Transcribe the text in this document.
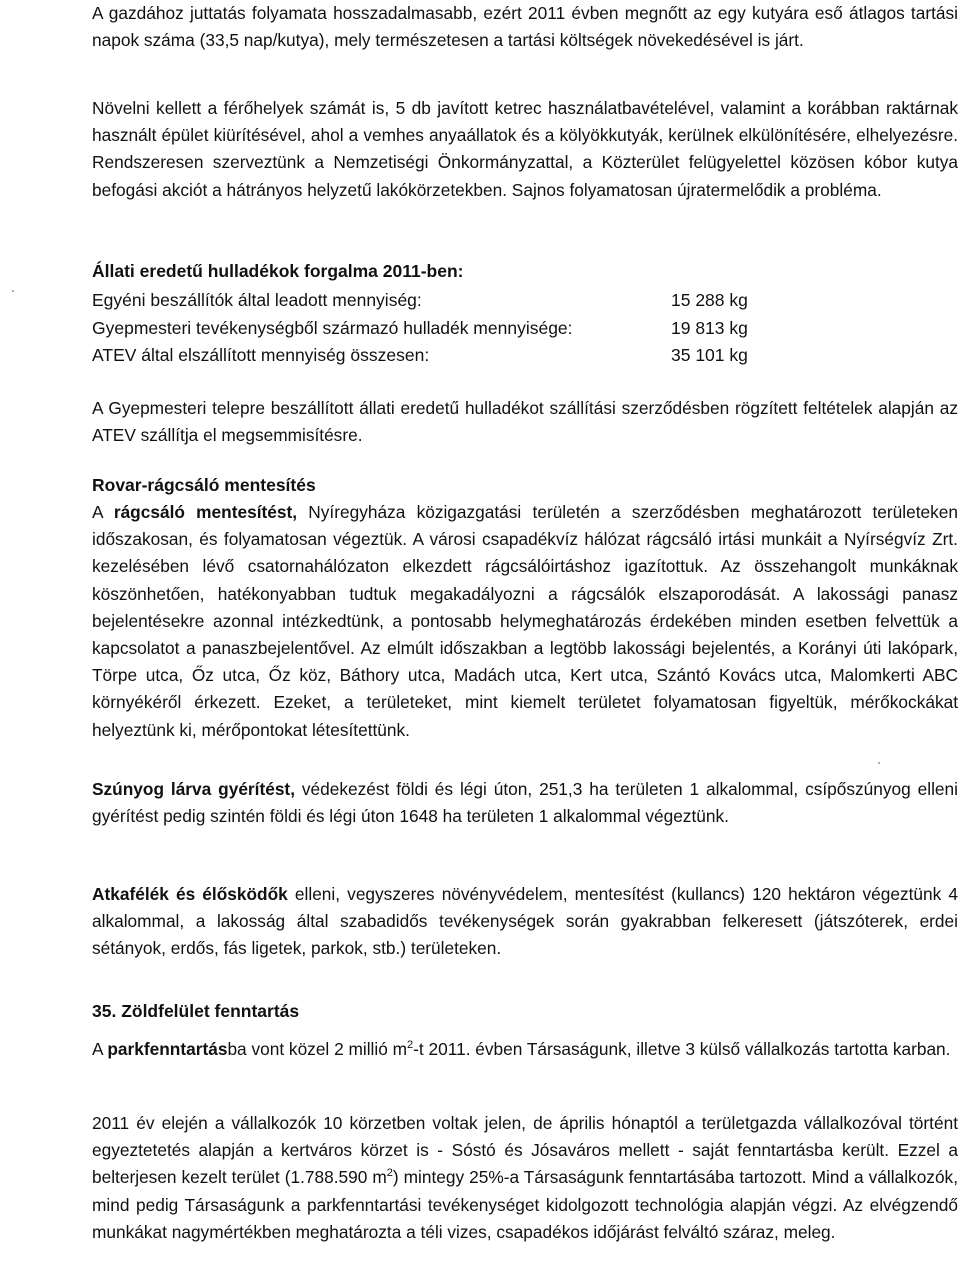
A gazdához juttatás folyamata hosszadalmasabb, ezért 2011 évben megnőtt az egy kutyára eső átlagos tartási napok száma (33,5 nap/kutya), mely természetesen a tartási költségek növekedésével is járt.

Növelni kellett a férőhelyek számát is, 5 db javított ketrec használatbavételével, valamint a korábban raktárnak használt épület kiürítésével, ahol a vemhes anyaállatok és a kölyökkutyák, kerülnek elkülönítésére, elhelyezésre. Rendszeresen szerveztünk a Nemzetiségi Önkormányzattal, a Közterület felügyelettel közösen kóbor kutya befogási akciót a hátrányos helyzetű lakókörzetekben. Sajnos folyamatosan újratermelődik a probléma.

Állati eredetű hulladékok forgalma 2011-ben:

Egyéni beszállítók által leadott mennyiség:	15 288 kg
Gyepmesteri tevékenységből származó hulladék mennyisége:	19 813 kg
ATEV által elszállított mennyiség összesen:	35 101 kg

A Gyepmesteri telepre beszállított állati eredetű hulladékot szállítási szerződésben rögzített feltételek alapján az ATEV szállítja el megsemmisítésre.

Rovar-rágcsáló mentesítés

A rágcsáló mentesítést, Nyíregyháza közigazgatási területén a szerződésben meghatározott területeken időszakosan, és folyamatosan végeztük. A városi csapadékvíz hálózat rágcsáló irtási munkáit a Nyírségvíz Zrt. kezelésében lévő csatornahálózaton elkezdett rágcsálóirtáshoz igazítottuk. Az összehangolt munkáknak köszönhetően, hatékonyabban tudtuk megakadályozni a rágcsálók elszaporodását. A lakossági panasz bejelentésekre azonnal intézkedtünk, a pontosabb helymeghatározás érdekében minden esetben felvettük a kapcsolatot a panaszbejelentővel. Az elmúlt időszakban a legtöbb lakossági bejelentés, a Korányi úti lakópark, Törpe utca, Őz utca, Őz köz, Báthory utca, Madách utca, Kert utca, Szántó Kovács utca, Malomkerti ABC környékéről érkezett. Ezeket, a területeket, mint kiemelt területet folyamatosan figyeltük, mérőkockákat helyeztünk ki, mérőpontokat létesítettünk.

Szúnyog lárva gyérítést, védekezést földi és légi úton, 251,3 ha területen 1 alkalommal, csípőszúnyog elleni gyérítést pedig szintén földi és légi úton 1648 ha területen 1 alkalommal végeztünk.

Atkafélék és élősködők elleni, vegyszeres növényvédelem, mentesítést (kullancs) 120 hektáron végeztünk 4 alkalommal, a lakosság által szabadidős tevékenységek során gyakrabban felkeresett (játszóterek, erdei sétányok, erdős, fás ligetek, parkok, stb.) területeken.

35. Zöldfelület fenntartás

A parkfenntartásba vont közel 2 millió $m^2-t$ 2011. évben Társaságunk, illetve 3 külső vállalkozás tartotta karban.

2011 év elején a vállalkozók 10 körzetben voltak jelen, de április hónaptól a területgazda vállalkozóval történt egyeztetetés alapján a kertváros körzet is - Sóstó és Jósaváros mellett - saját fenntartásba került. Ezzel a belterjesen kezelt terület (1.788.590 $m^2$) mintegy 25%-a Társaságunk fenntartásába tartozott. Mind a vállalkozók, mind pedig Társaságunk a parkfenntartási tevékenységet kidolgozott technológia alapján végzi. Az elvégzendő munkákat nagymértékben meghatározta a téli vizes, csapadékos időjárást felváltó száraz, meleg.
